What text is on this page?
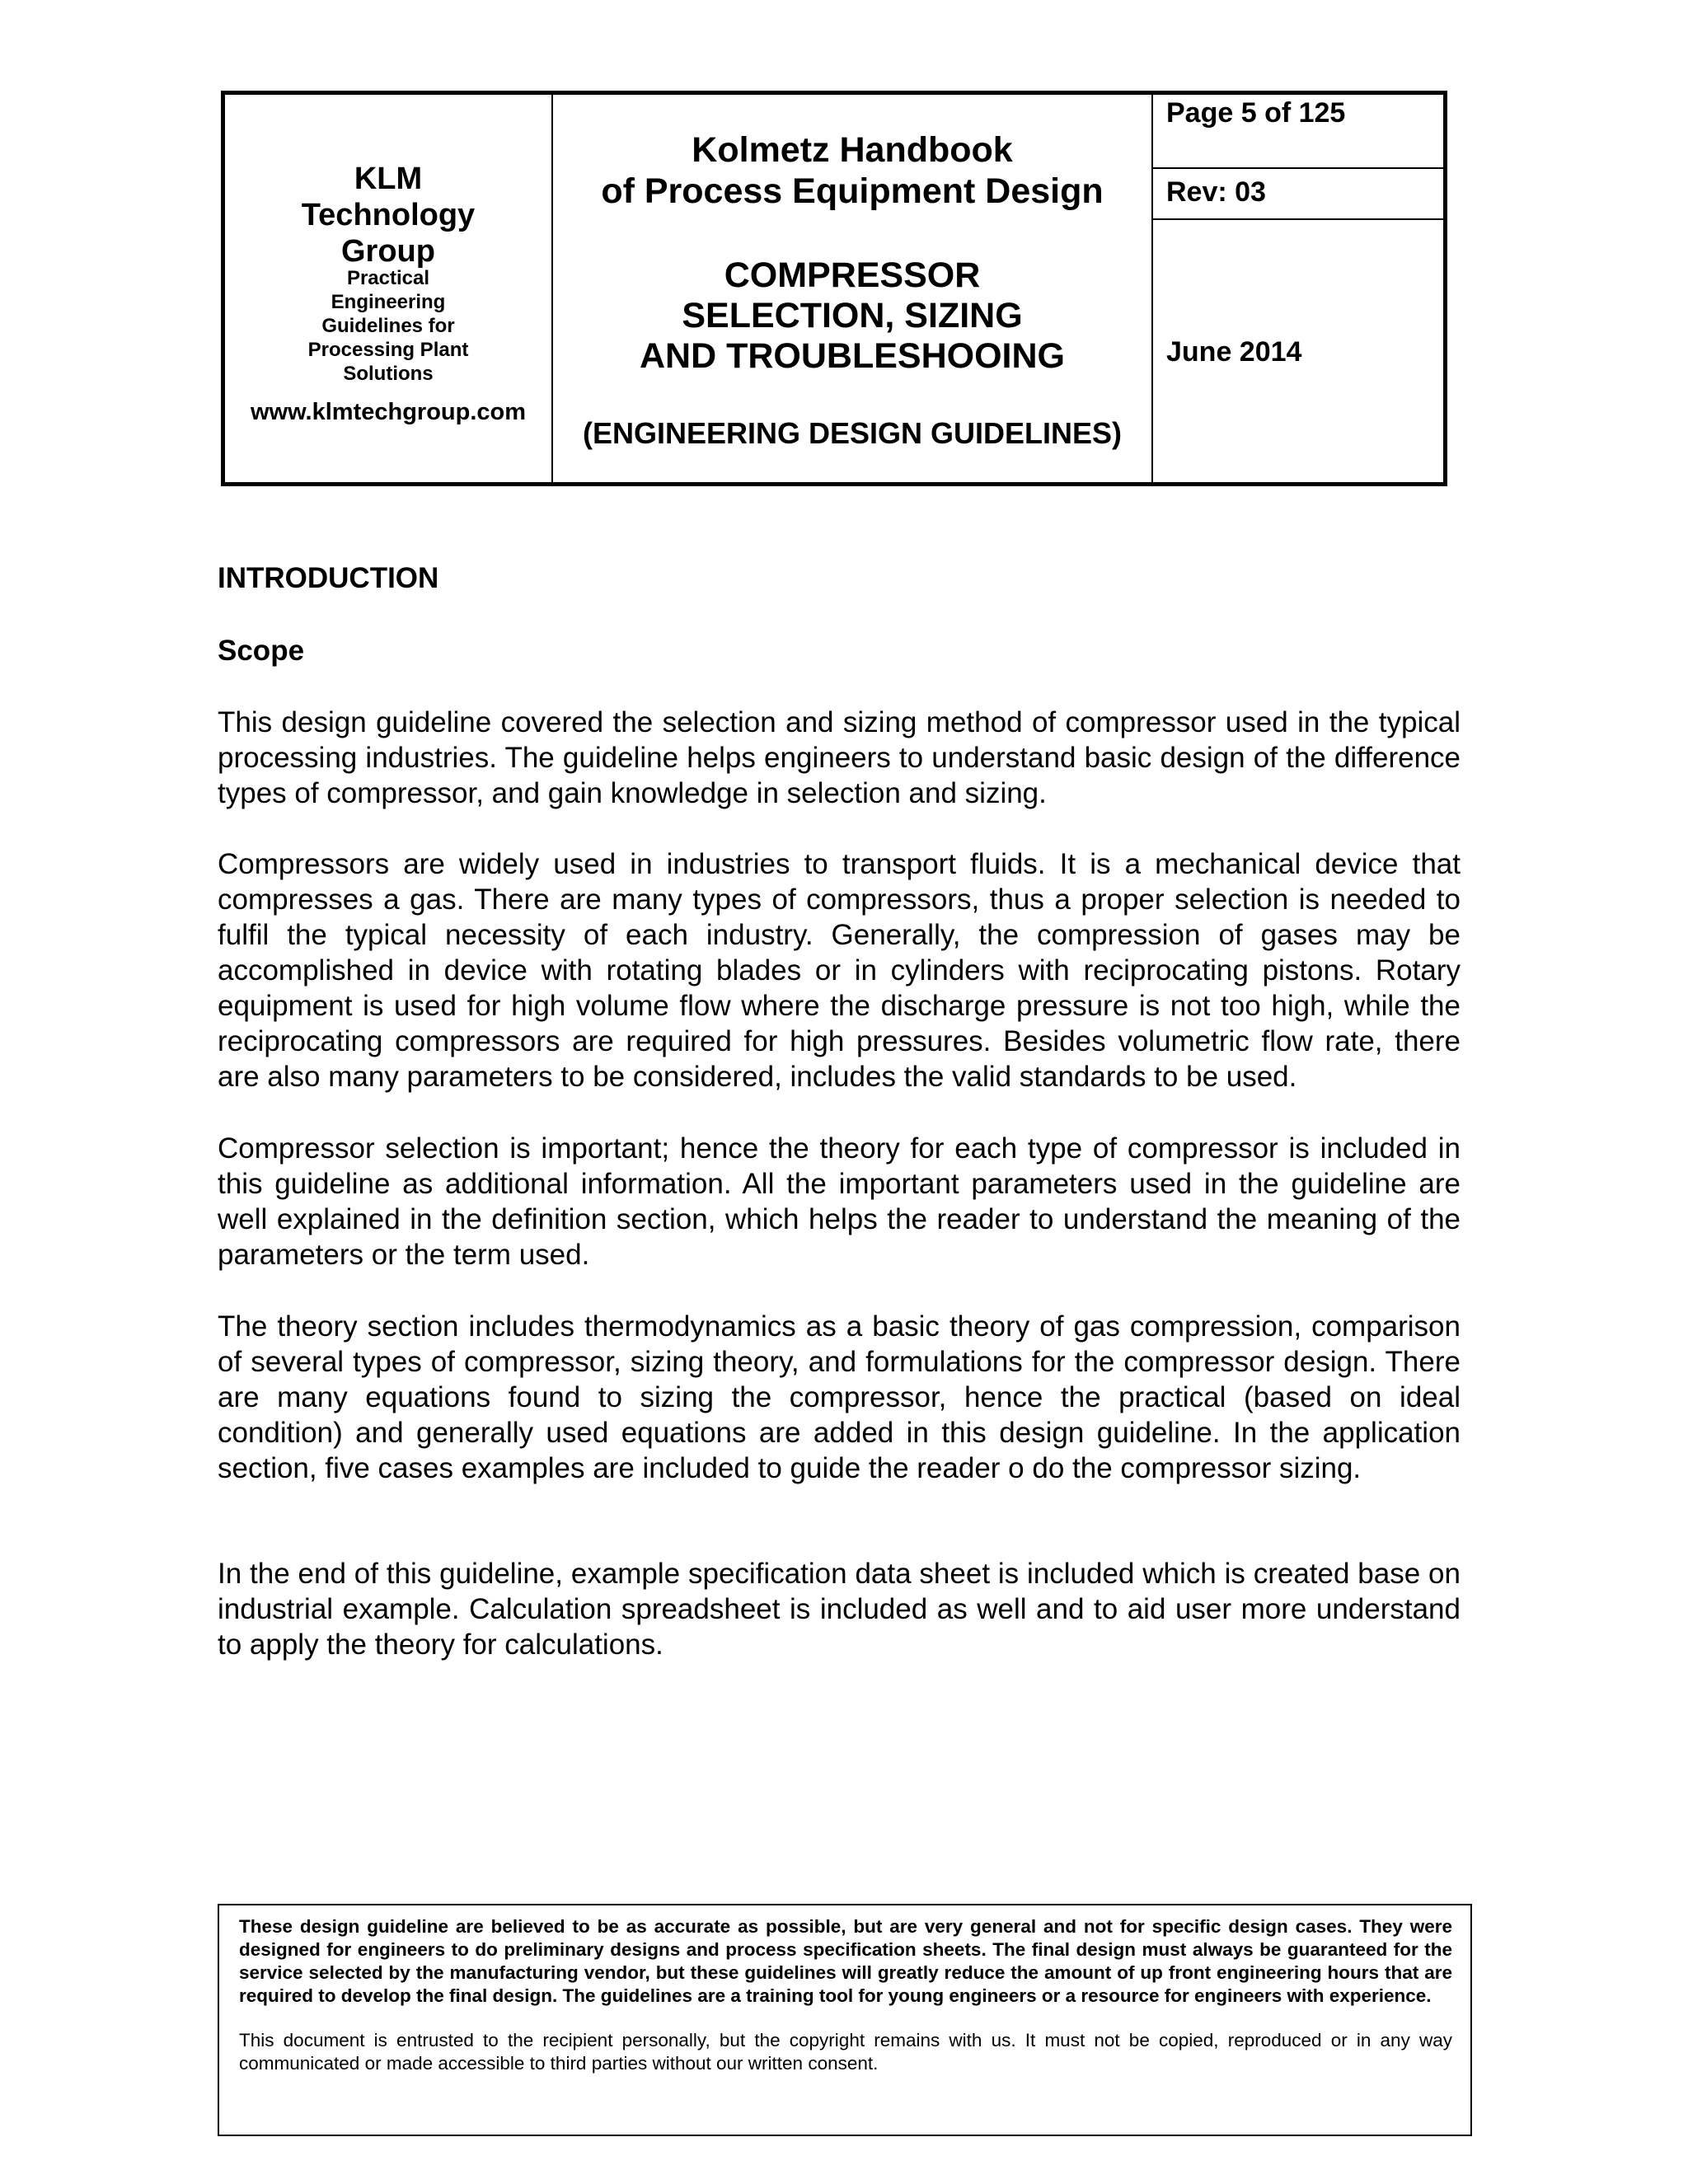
KLM Technology Group
Practical Engineering Guidelines for Processing Plant Solutions
www.klmtechgroup.com
Kolmetz Handbook
of Process Equipment Design
COMPRESSOR
SELECTION, SIZING
AND TROUBLESHOOING
(ENGINEERING DESIGN GUIDELINES)
Page 5 of 125
Rev: 03
June 2014
INTRODUCTION
Scope

This design guideline covered the selection and sizing method of compressor used in the typical processing industries. The guideline helps engineers to understand basic design of the difference types of compressor, and gain knowledge in selection and sizing.

Compressors are widely used in industries to transport fluids. It is a mechanical device that compresses a gas. There are many types of compressors, thus a proper selection is needed to fulfil the typical necessity of each industry. Generally, the compression of gases may be accomplished in device with rotating blades or in cylinders with reciprocating pistons. Rotary equipment is used for high volume flow where the discharge pressure is not too high, while the reciprocating compressors are required for high pressures. Besides volumetric flow rate, there are also many parameters to be considered, includes the valid standards to be used.

Compressor selection is important; hence the theory for each type of compressor is included in this guideline as additional information. All the important parameters used in the guideline are well explained in the definition section, which helps the reader to understand the meaning of the parameters or the term used.

The theory section includes thermodynamics as a basic theory of gas compression, comparison of several types of compressor, sizing theory, and formulations for the compressor design. There are many equations found to sizing the compressor, hence the practical (based on ideal condition) and generally used equations are added in this design guideline. In the application section, five cases examples are included to guide the reader o do the compressor sizing.

In the end of this guideline, example specification data sheet is included which is created base on industrial example. Calculation spreadsheet is included as well and to aid user more understand to apply the theory for calculations.

These design guideline are believed to be as accurate as possible, but are very general and not for specific design cases. They were designed for engineers to do preliminary designs and process specification sheets. The final design must always be guaranteed for the service selected by the manufacturing vendor, but these guidelines will greatly reduce the amount of up front engineering hours that are required to develop the final design. The guidelines are a training tool for young engineers or a resource for engineers with experience.

This document is entrusted to the recipient personally, but the copyright remains with us. It must not be copied, reproduced or in any way communicated or made accessible to third parties without our written consent.
